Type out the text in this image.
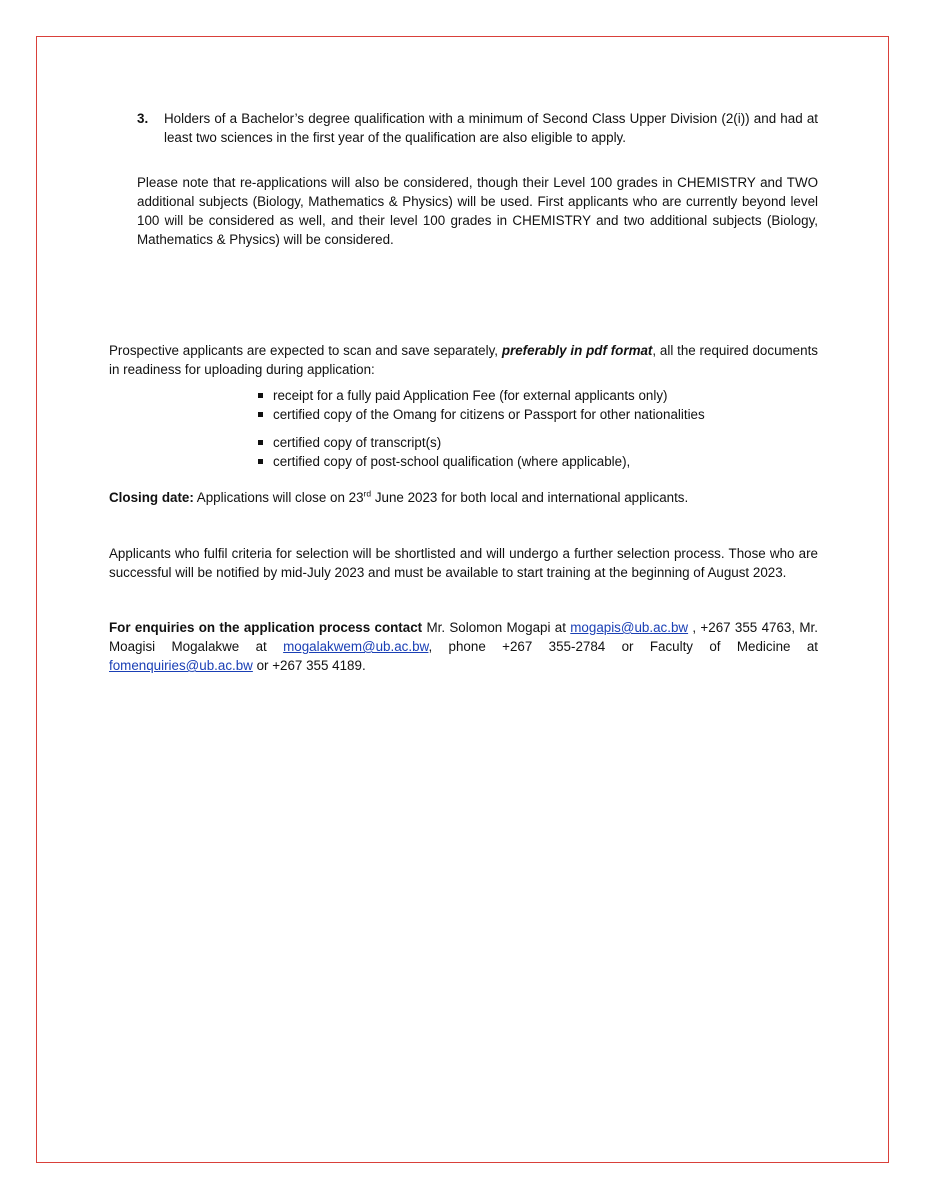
3. Holders of a Bachelor’s degree qualification with a minimum of Second Class Upper Division (2(i)) and had at least two sciences in the first year of the qualification are also eligible to apply.
Please note that re-applications will also be considered, though their Level 100 grades in CHEMISTRY and TWO additional subjects (Biology, Mathematics & Physics) will be used. First applicants who are currently beyond level 100 will be considered as well, and their level 100 grades in CHEMISTRY and two additional subjects (Biology, Mathematics & Physics) will be considered.
Prospective applicants are expected to scan and save separately, preferably in pdf format, all the required documents in readiness for uploading during application:
receipt for a fully paid Application Fee (for external applicants only)
certified copy of the Omang for citizens or Passport for other nationalities
certified copy of transcript(s)
certified copy of post-school qualification (where applicable),
Closing date: Applications will close on 23rd June 2023 for both local and international applicants.
Applicants who fulfil criteria for selection will be shortlisted and will undergo a further selection process. Those who are successful will be notified by mid-July 2023 and must be available to start training at the beginning of August 2023.
For enquiries on the application process contact Mr. Solomon Mogapi at mogapis@ub.ac.bw , +267 355 4763, Mr. Moagisi Mogalakwe at mogalakwem@ub.ac.bw, phone +267 355-2784 or Faculty of Medicine at fomenquiries@ub.ac.bw or +267 355 4189.
